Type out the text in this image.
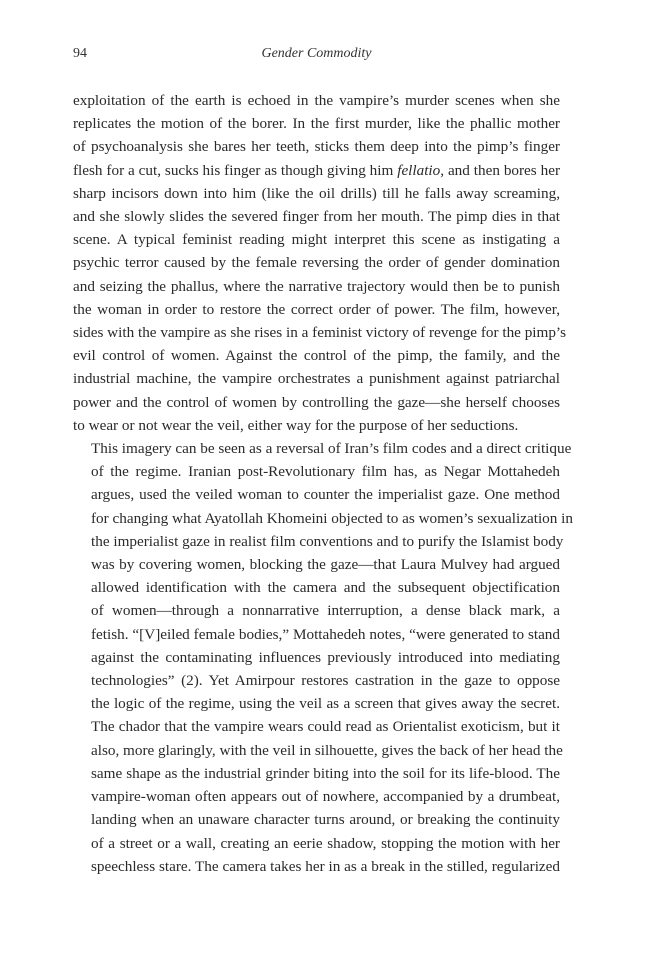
94	Gender Commodity

exploitation of the earth is echoed in the vampire’s murder scenes when she
replicates the motion of the borer. In the first murder, like the phallic mother
of psychoanalysis she bares her teeth, sticks them deep into the pimp’s finger
flesh for a cut, sucks his finger as though giving him fellatio, and then bores her
sharp incisors down into him (like the oil drills) till he falls away screaming,
and she slowly slides the severed finger from her mouth. The pimp dies in that
scene. A typical feminist reading might interpret this scene as instigating a
psychic terror caused by the female reversing the order of gender domination
and seizing the phallus, where the narrative trajectory would then be to punish
the woman in order to restore the correct order of power. The film, however,
sides with the vampire as she rises in a feminist victory of revenge for the pimp’s
evil control of women. Against the control of the pimp, the family, and the
industrial machine, the vampire orchestrates a punishment against patriarchal
power and the control of women by controlling the gaze—she herself chooses
to wear or not wear the veil, either way for the purpose of her seductions.

This imagery can be seen as a reversal of Iran’s film codes and a direct critique
of the regime. Iranian post-Revolutionary film has, as Negar Mottahedeh
argues, used the veiled woman to counter the imperialist gaze. One method
for changing what Ayatollah Khomeini objected to as women’s sexualization in
the imperialist gaze in realist film conventions and to purify the Islamist body
was by covering women, blocking the gaze—that Laura Mulvey had argued
allowed identification with the camera and the subsequent objectification
of women—through a nonnarrative interruption, a dense black mark, a
fetish. “[V]eiled female bodies,” Mottahedeh notes, “were generated to stand
against the contaminating influences previously introduced into mediating
technologies” (2). Yet Amirpour restores castration in the gaze to oppose
the logic of the regime, using the veil as a screen that gives away the secret.
The chador that the vampire wears could read as Orientalist exoticism, but it
also, more glaringly, with the veil in silhouette, gives the back of her head the
same shape as the industrial grinder biting into the soil for its life-blood. The
vampire-woman often appears out of nowhere, accompanied by a drumbeat,
landing when an unaware character turns around, or breaking the continuity
of a street or a wall, creating an eerie shadow, stopping the motion with her
speechless stare. The camera takes her in as a break in the stilled, regularized
